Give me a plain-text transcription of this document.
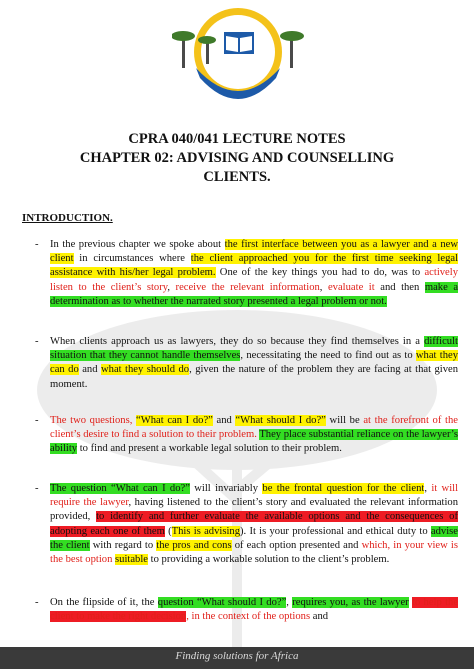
UNIVERSITY OF LIMPOPO
CPRA 040/041 LECTURE NOTES
CHAPTER 02: ADVISING AND COUNSELLING
CLIENTS.
INTRODUCTION.
- In the previous chapter we spoke about the first interface between you as a lawyer and a new client in circumstances where the client approached you for the first time seeking legal assistance with his/her legal problem. One of the key things you had to do, was to actively listen to the client’s story, receive the relevant information, evaluate it and then make a determination as to whether the narrated story presented a legal problem or not.
- When clients approach us as lawyers, they do so because they find themselves in a difficult situation that they cannot handle themselves, necessitating the need to find out as to what they can do and what they should do, given the nature of the problem they are facing at that given moment.
- The two questions, “What can I do?” and “What should I do?” will be at the forefront of the client’s desire to find a solution to their problem. They place substantial reliance on the lawyer’s ability to find and present a workable legal solution to their problem.
- The question “What can I do?” will invariably be the frontal question for the client, it will require the lawyer, having listened to the client’s story and evaluated the relevant information provided, to identify and further evaluate the available options and the consequences of adopting each one of them (This is advising). It is your professional and ethical duty to advise the client with regard to the pros and cons of each option presented and which, in your view is the best option suitable to providing a workable solution to the client’s problem.
- On the flipside of it, the question “What should I do?”, requires you, as the lawyer to help the client to make the right decision, in the context of the options and
Finding solutions for Africa
